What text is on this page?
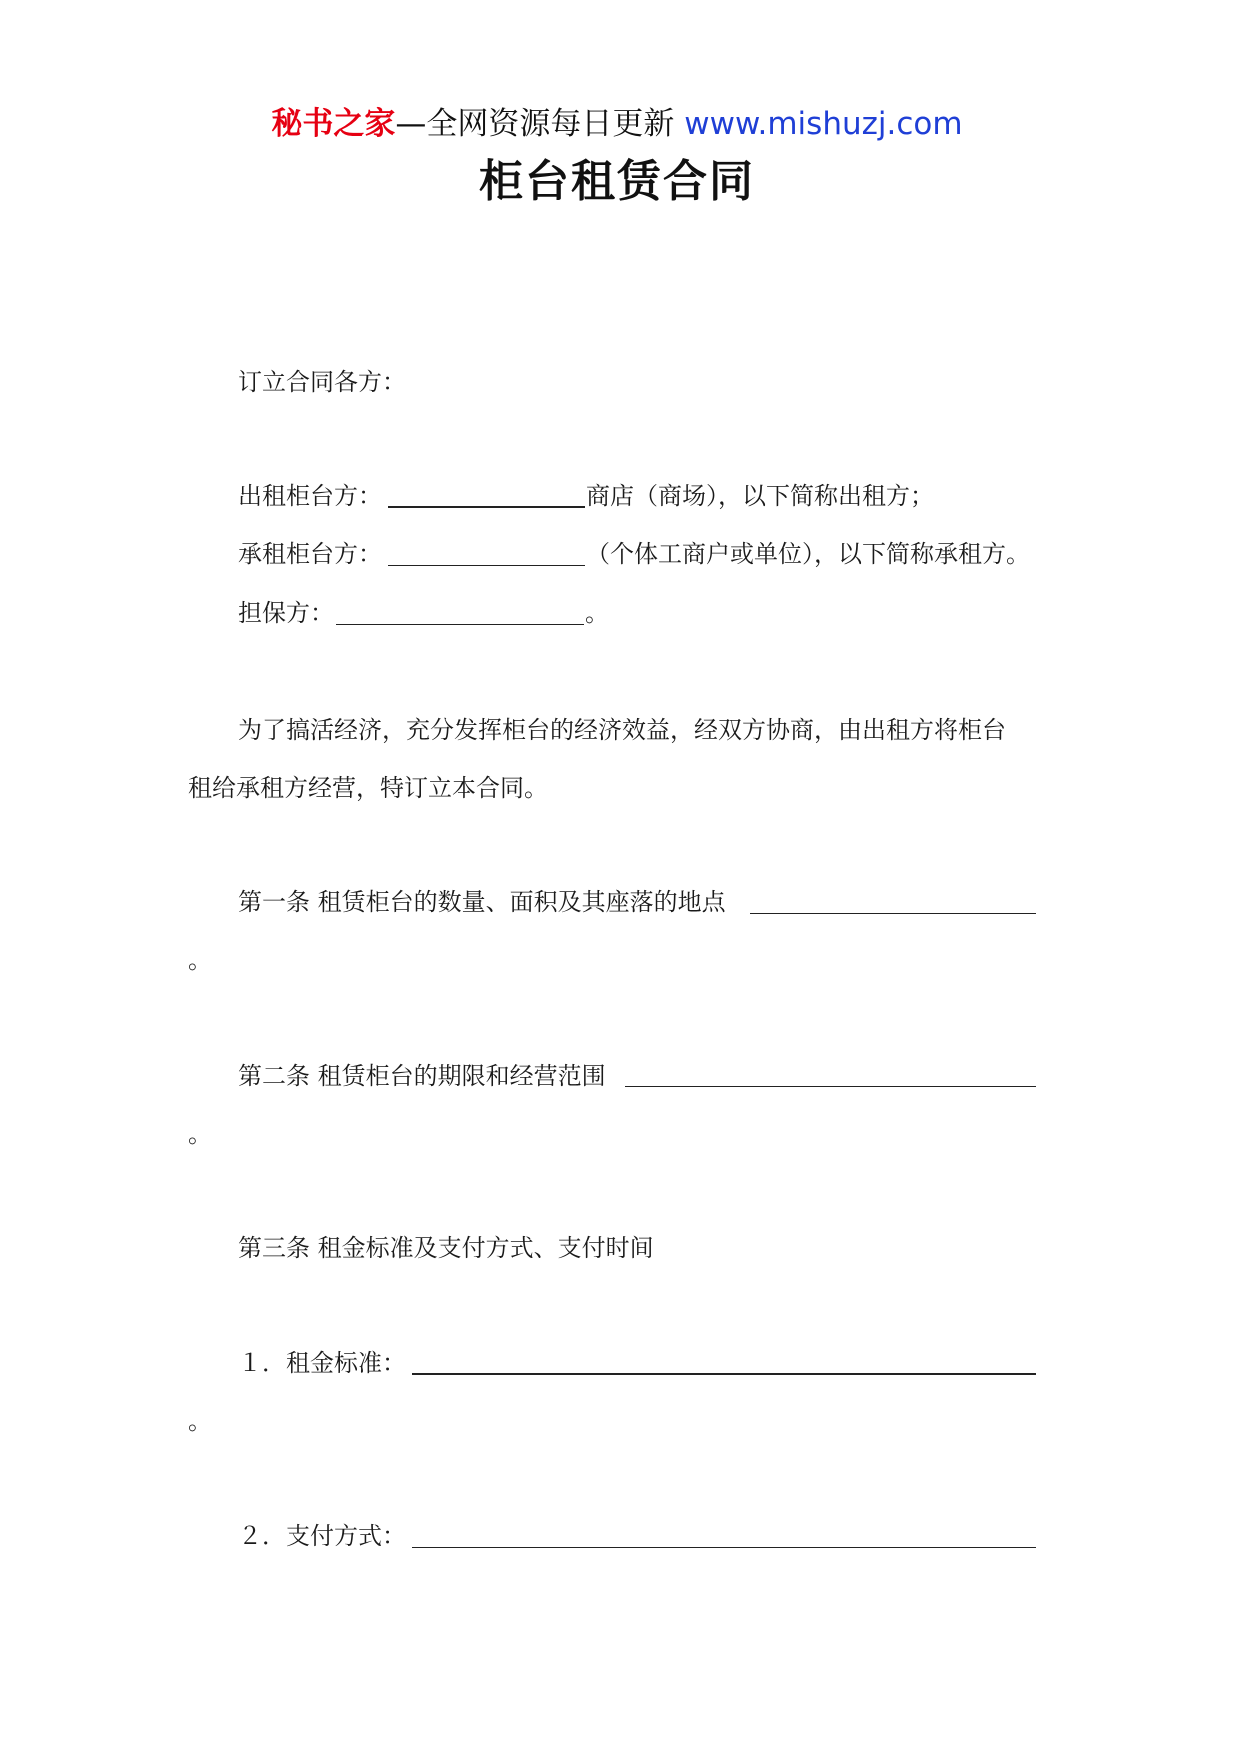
秘书之家—全网资源每日更新 www.mishuzj.com
柜台租赁合同
订立合同各方：
出租柜台方：	商店（商场），以下简称出租方；
承租柜台方：	（个体工商户或单位），以下简称承租方。
担保方：	。
为了搞活经济，充分发挥柜台的经济效益，经双方协商，由出租方将柜台
租给承租方经营，特订立本合同。
第一条 租赁柜台的数量、面积及其座落的地点
。
第二条 租赁柜台的期限和经营范围
。
第三条 租金标准及支付方式、支付时间
１．租金标准：
。
２．支付方式：
